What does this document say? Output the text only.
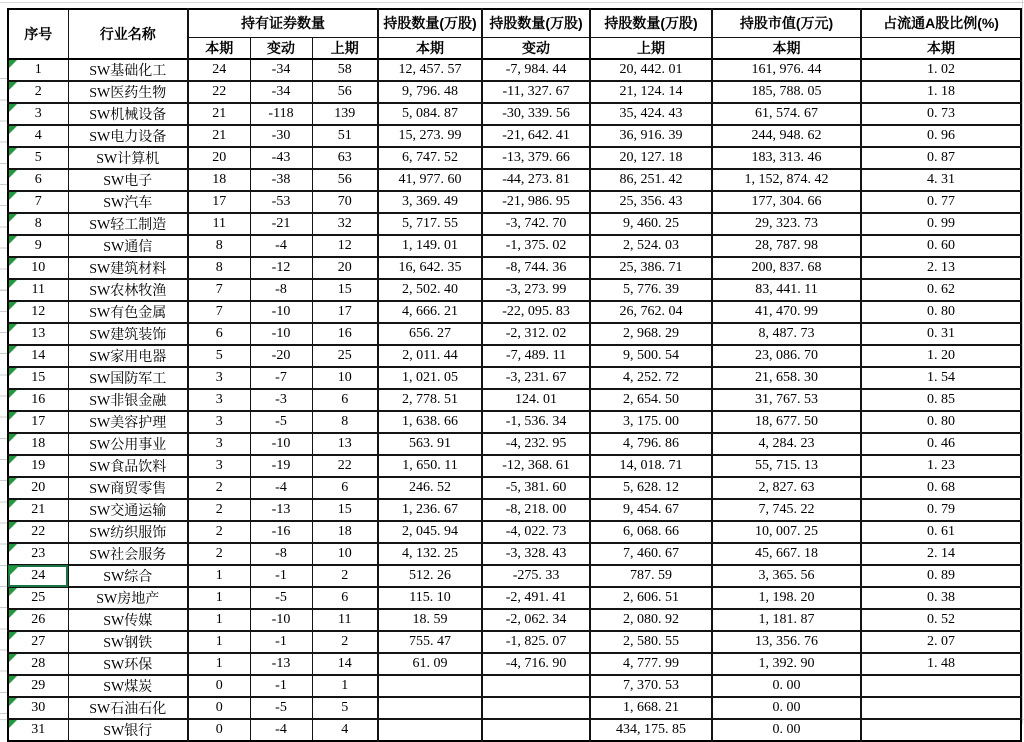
序号	行业名称	持有证券数量			持股数量(万股)	持股数量(万股)	持股数量(万股)	持股市值(万元)	占流通A股比例(%)
		本期	变动	上期	本期	变动	上期	本期	本期

1	SW基础化工	24	-34	58	12, 457. 57	-7, 984. 44	20, 442. 01	161, 976. 44	1. 02

2	SW医药生物	22	-34	56	9, 796. 48	-11, 327. 67	21, 124. 14	185, 788. 05	1. 18

3	SW机械设备	21	-118	139	5, 084. 87	-30, 339. 56	35, 424. 43	61, 574. 67	0. 73

4	SW电力设备	21	-30	51	15, 273. 99	-21, 642. 41	36, 916. 39	244, 948. 62	0. 96

5	SW计算机	20	-43	63	6, 747. 52	-13, 379. 66	20, 127. 18	183, 313. 46	0. 87

6	SW电子	18	-38	56	41, 977. 60	-44, 273. 81	86, 251. 42	1, 152, 874. 42	4. 31

7	SW汽车	17	-53	70	3, 369. 49	-21, 986. 95	25, 356. 43	177, 304. 66	0. 77

8	SW轻工制造	11	-21	32	5, 717. 55	-3, 742. 70	9, 460. 25	29, 323. 73	0. 99

9	SW通信	8	-4	12	1, 149. 01	-1, 375. 02	2, 524. 03	28, 787. 98	0. 60

10	SW建筑材料	8	-12	20	16, 642. 35	-8, 744. 36	25, 386. 71	200, 837. 68	2. 13

11	SW农林牧渔	7	-8	15	2, 502. 40	-3, 273. 99	5, 776. 39	83, 441. 11	0. 62

12	SW有色金属	7	-10	17	4, 666. 21	-22, 095. 83	26, 762. 04	41, 470. 99	0. 80

13	SW建筑装饰	6	-10	16	656. 27	-2, 312. 02	2, 968. 29	8, 487. 73	0. 31

14	SW家用电器	5	-20	25	2, 011. 44	-7, 489. 11	9, 500. 54	23, 086. 70	1. 20

15	SW国防军工	3	-7	10	1, 021. 05	-3, 231. 67	4, 252. 72	21, 658. 30	1. 54

16	SW非银金融	3	-3	6	2, 778. 51	124. 01	2, 654. 50	31, 767. 53	0. 85

17	SW美容护理	3	-5	8	1, 638. 66	-1, 536. 34	3, 175. 00	18, 677. 50	0. 80

18	SW公用事业	3	-10	13	563. 91	-4, 232. 95	4, 796. 86	4, 284. 23	0. 46

19	SW食品饮料	3	-19	22	1, 650. 11	-12, 368. 61	14, 018. 71	55, 715. 13	1. 23

20	SW商贸零售	2	-4	6	246. 52	-5, 381. 60	5, 628. 12	2, 827. 63	0. 68

21	SW交通运输	2	-13	15	1, 236. 67	-8, 218. 00	9, 454. 67	7, 745. 22	0. 79

22	SW纺织服饰	2	-16	18	2, 045. 94	-4, 022. 73	6, 068. 66	10, 007. 25	0. 61

23	SW社会服务	2	-8	10	4, 132. 25	-3, 328. 43	7, 460. 67	45, 667. 18	2. 14

24	SW综合	1	-1	2	512. 26	-275. 33	787. 59	3, 365. 56	0. 89

25	SW房地产	1	-5	6	115. 10	-2, 491. 41	2, 606. 51	1, 198. 20	0. 38

26	SW传媒	1	-10	11	18. 59	-2, 062. 34	2, 080. 92	1, 181. 87	0. 52

27	SW钢铁	1	-1	2	755. 47	-1, 825. 07	2, 580. 55	13, 356. 76	2. 07

28	SW环保	1	-13	14	61. 09	-4, 716. 90	4, 777. 99	1, 392. 90	1. 48

29	SW煤炭	0	-1	1			7, 370. 53	0. 00	

30	SW石油石化	0	-5	5			1, 668. 21	0. 00	

31	SW银行	0	-4	4			434, 175. 85	0. 00	
